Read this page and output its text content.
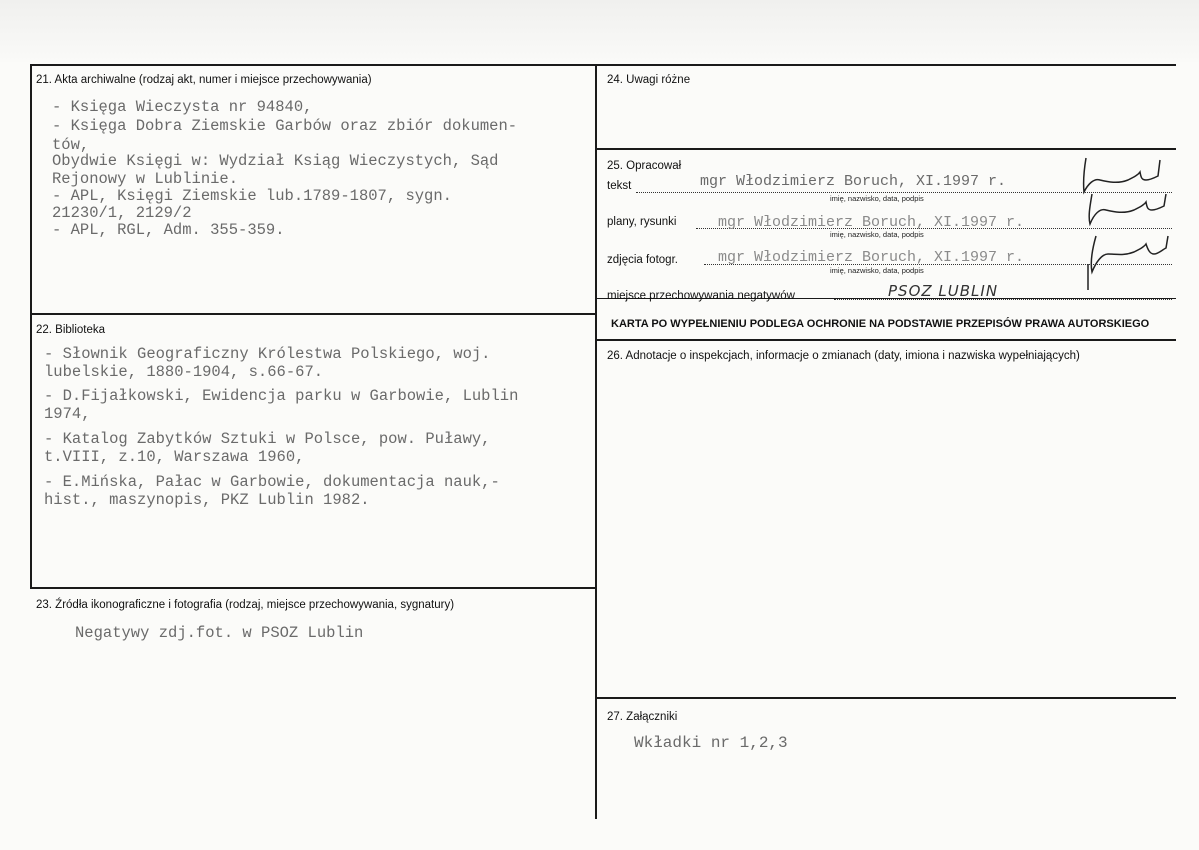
21. Akta archiwalne (rodzaj akt, numer i miejsce przechowywania)
- Księga Wieczysta nr 94840,
- Księga Dobra Ziemskie Garbów oraz zbiór dokumen-
tów,
Obydwie Księgi w: Wydział Ksiąg Wieczystych, Sąd
Rejonowy w Lublinie.
- APL, Księgi Ziemskie lub.1789-1807, sygn.
21230/1, 2129/2
- APL, RGL, Adm. 355-359.
22. Biblioteka
- Słownik Geograficzny Królestwa Polskiego, woj.
lubelskie, 1880-1904, s.66-67.
- D.Fijałkowski, Ewidencja parku w Garbowie, Lublin
1974,
- Katalog Zabytków Sztuki w Polsce, pow. Puławy,
t.VIII, z.10, Warszawa 1960,
- E.Mińska, Pałac w Garbowie, dokumentacja nauk,-
hist., maszynopis, PKZ Lublin 1982.
23. Źródła ikonograficzne i fotografia (rodzaj, miejsce przechowywania, sygnatury)
Negatywy zdj.fot. w PSOZ Lublin
24. Uwagi różne
25. Opracował
tekst	mgr Włodzimierz Boruch, XI.1997 r.
imię, nazwisko, data, podpis
plany, rysunki	mgr Włodzimierz Boruch, XI.1997 r.
imię, nazwisko, data, podpis
zdjęcia fotogr.	mgr Włodzimierz Boruch, XI.1997 r.
imię, nazwisko, data, podpis
miejsce przechowywania negatywów	PSOZ LUBLIN
KARTA PO WYPEŁNIENIU PODLEGA OCHRONIE NA PODSTAWIE PRZEPISÓW PRAWA AUTORSKIEGO
26. Adnotacje o inspekcjach, informacje o zmianach (daty, imiona i nazwiska wypełniających)
27. Załączniki
Wkładki nr 1,2,3
